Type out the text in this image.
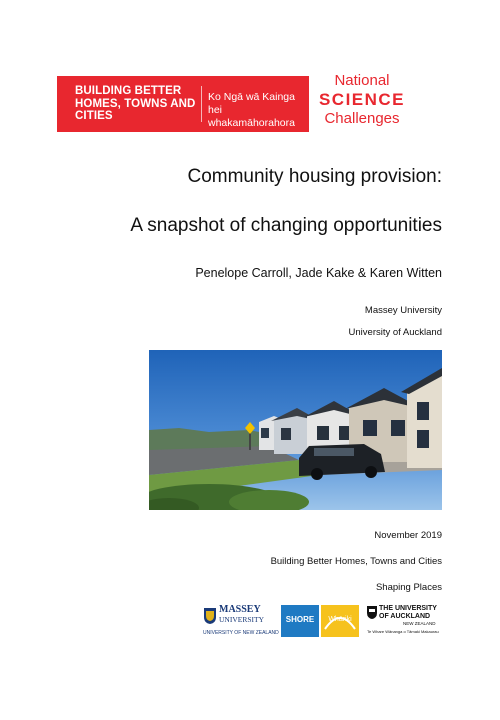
BUILDING BETTER HOMES, TOWNS AND CITIES
Ko Ngā wā Kainga hei
whakamāhorahora
National
SCIENCE
Challenges
Community housing provision:
A snapshot of changing opportunities
Penelope Carroll, Jade Kake & Karen Witten
Massey University
University of Auckland
November 2019
Building Better Homes, Towns and Cities
Shaping Places
MASSEY
UNIVERSITY
UNIVERSITY OF NEW ZEALAND
SHORE	Whāriki
THE UNIVERSITY
OF AUCKLAND
NEW ZEALAND
Te Whare Wānanga o Tāmaki Makaurau
